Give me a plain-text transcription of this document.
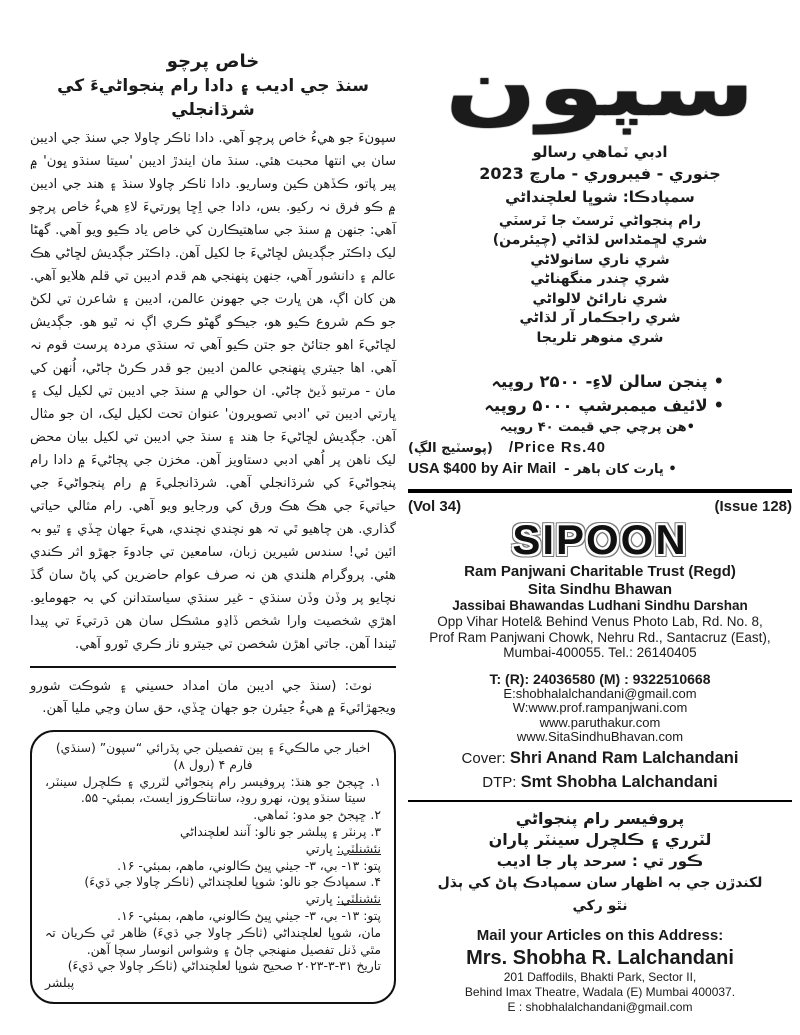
خاص پرچو
سنڌ جي اديب ۽ دادا رام پنجواڻيءَ کي شرڌانجلي

سپونءَ جو هيءُ خاص پرچو آهي. دادا ٺاڪر چاولا جي سنڌ جي اديبن سان بي انتها محبت هئي. سنڌ مان ايندڙ اديبن 'سيتا سنڌو ڀون' ۾ پير پاتو، ڪڏهن ڪين وساريو. دادا ٺاڪر چاولا سنڌ ۽ هند جي اديبن ۾ ڪو فرق نہ رکيو. بس، دادا جي اِڇا پورتيءَ لاءِ هيءُ خاص پرچو آهي: جنهن ۾ سنڌ جي ساهتيڪارن کي خاص ياد ڪيو ويو آهي. گهڻا ليک ڊاڪٽر جڳديش لڇاڻيءَ جا لکيل آهن. ڊاڪٽر جڳديش لڇاڻي هڪ عالم ۽ دانشور آهي، جنهن پنهنجي هم قدم اديبن تي قلم هلايو آهي. هن کان اڳ، هن ڀارت جي جهونن عالمن، اديبن ۽ شاعرن تي لکڻ جو ڪم شروع ڪيو هو، جيڪو گهڻو ڪري اڳ نہ ٿيو هو. جڳديش لڇاڻيءَ اهو جتائڻ جو جتن ڪيو آهي تہ سنڌي مردہ پرست قوم نہ آهي. اها جيتري پنهنجي عالمن اديبن جو قدر ڪرڻ ڄاڻي، اُنهن کي مان - مرتبو ڏيڻ ڄاڻي. ان حوالي ۾ سنڌ جي اديبن تي لکيل ليک ۽ ڀارتي اديبن تي 'ادبي تصويرون' عنوان تحت لکيل ليک، ان جو مثال آهن. جڳديش لڇاڻيءَ جا هند ۽ سنڌ جي اديبن تي لکيل بيان محض ليک ناهن پر اُهي ادبي دستاويز آهن. مخزن جي پڄاڻيءَ ۾ دادا رام پنجواڻيءَ کي شرڌانجلي آهي. شرڌانجليءَ ۾ رام پنجواڻيءَ جي حياتيءَ جي هڪ هڪ ورق کي ورجايو ويو آهي. رام مثالي حياتي گذاري. هن چاهيو ٿي تہ هو نچندي نچندي، هيءَ جهان ڇڏي ۽ ٿيو بہ ائين ئي! سندس شيرين زبان، سامعين تي جادوءَ جهڙو اثر ڪندي هئي. پروگرام هلندي هن نہ صرف عوام حاضرين کي پاڻ سان گڏ نچايو پر وڏن وڏن سنڌي - غير سنڌي سياستدانن کي بہ جهومايو. اهڙي شخصيت وارا شخص ڏاڍو مشڪل سان هن ڌرتيءَ تي پيدا ٿيندا آهن. جاتي اهڙن شخصن تي جيترو ناز ڪري ٿورو آهي.

نوٽ: (سنڌ جي اديبن مان امداد حسيني ۽ شوڪت شورو ويجهڙائيءَ ۾ هيءُ جيئرن جو جهان ڇڏي، حق سان وڃي مليا آهن.

اخبار جي مالڪيءَ ۽ ٻين تفصيلن جي پڌرائي “سپون” (سنڌي)
فارم ۴ (رول ۸)
۱. ڇپجڻ جو هنڌ: پروفيسر رام پنجواڻي لٽرري ۽ ڪلچرل سينٽر، سيتا سنڌو ڀون، نهرو روڊ، سانتاڪروز ايسٽ، بمبئي- ۵۵.
۲. ڇپجڻ جو مدو: ٽماهي.
۳. پرنٽر ۽ پبلشر جو نالو: آنند لعلچنداڻي
نئشنلٽي: ڀارتي
پتو: ۱۳- بي، ۳- جيٺي ڀيڻ ڪالوني، ماهم، بمبئي- ۱۶.
۴. سمپادڪ جو نالو: شوڀا لعلچنداڻي (ٺاڪر چاولا جي ڌيءَ)
نئشنلٽي: ڀارتي
پتو: ۱۳- بي، ۳- جيٺي ڀيڻ ڪالوني، ماهم، بمبئي- ۱۶.
مان، شوڀا لعلچنداڻي (ٺاڪر چاولا جي ڌيءَ) ظاهر ٿي ڪريان تہ مٿي ڏنل تفصيل منهنجي ڄاڻ ۽ وشواس انوسار سچا آهن.
تاريخ ۳۱-۳-۲۰۲۳ صحيح شوڀا لعلچنداڻي (ٺاڪر چاولا جي ڌيءَ)
پبلشر
سپون
ادبي ٽماهي رسالو
جنوري - فيبروري - مارچ 2023
سمپادڪا: شوڀا لعلچنداڻي
رام پنجواڻي ٽرسٽ جا ٽرسٽي
شري لڇمڻداس لڌاڻي (چيئرمن)
شري ناري سانولاڻي
شري چندر منگهناڻي
شري نارائڻ لالواڻي
شري راجڪمار آر لڌاڻي
شري منوهر تلريجا
• پنجن سالن لاءِ- ۲۵۰۰ روپيہ
• لائيف ميمبرشپ ۵۰۰۰ روپيہ
•هن پرچي جي قيمت ۴۰ روپيہ
Price Rs.40/
(پوسٽيج الڳ)
• ڀارت کان ٻاهر -
USA $400 by Air Mail
(Vol 34)	(Issue 128)
SIPOON
Ram Panjwani Charitable Trust (Regd)
Sita Sindhu Bhawan
Jassibai Bhawandas Ludhani Sindhu Darshan
Opp Vihar Hotel& Behind Venus Photo Lab, Rd. No. 8,
Prof Ram Panjwani Chowk, Nehru Rd., Santacruz (East),
Mumbai-400055. Tel.: 26140405
T: (R): 24036580 (M) : 9322510668
E:shobhalalchandani@gmail.com
W:www.prof.rampanjwani.com
www.paruthakur.com
www.SitaSindhuBhavan.com
Cover: Shri Anand Ram Lalchandani
DTP: Smt Shobha Lalchandani
پروفيسر رام پنجواڻي
لٽرري ۽ ڪلچرل سينٽر پاران
ڪور تي : سرحد پار جا اديب
لکندڙن جي بہ اظهار سان سمپادڪ پاڻ کي ٻڌل
نٿو رکي
Mail your Articles on this Address:
Mrs. Shobha R. Lalchandani
201 Daffodils, Bhakti Park, Sector II,
Behind Imax Theatre, Wadala (E) Mumbai 400037.
E : shobhalalchandani@gmail.com
